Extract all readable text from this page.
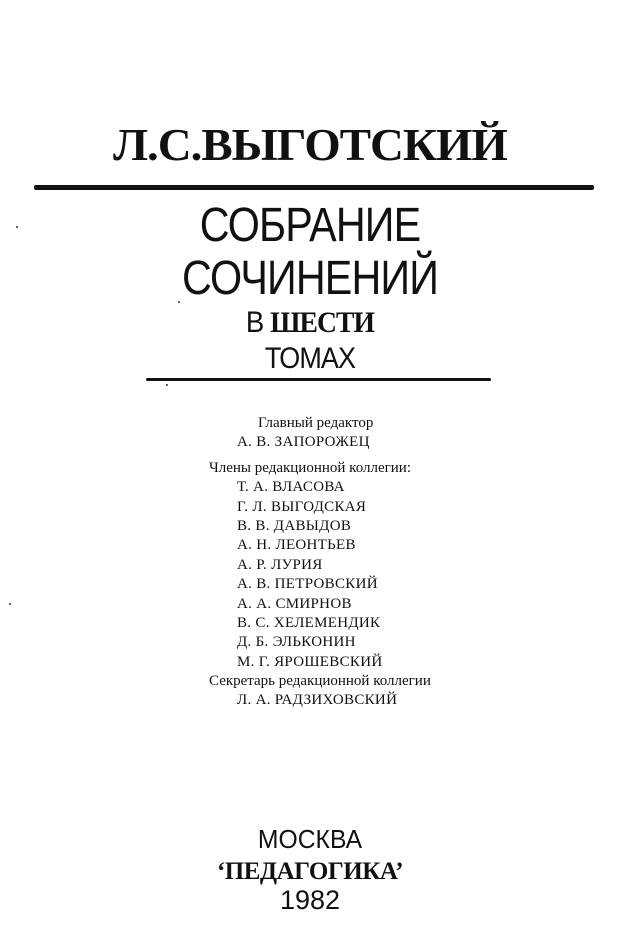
Л.С.ВЫГОТСКИЙ
СОБРАНИЕ
СОЧИНЕНИЙ
В ШЕСТИ
ТОМАХ
Главный редактор
А. В. ЗАПОРОЖЕЦ
Члены редакционной коллегии:
Т. А. ВЛАСОВА
Г. Л. ВЫГОДСКАЯ
В. В. ДАВЫДОВ
А. Н. ЛЕОНТЬЕВ
А. Р. ЛУРИЯ
А. В. ПЕТРОВСКИЙ
А. А. СМИРНОВ
В. С. ХЕЛЕМЕНДИК
Д. Б. ЭЛЬКОНИН
М. Г. ЯРОШЕВСКИЙ
Секретарь редакционной коллегии
Л. А. РАДЗИХОВСКИЙ
МОСКВА
‘ПЕДАГОГИКА’
1982
